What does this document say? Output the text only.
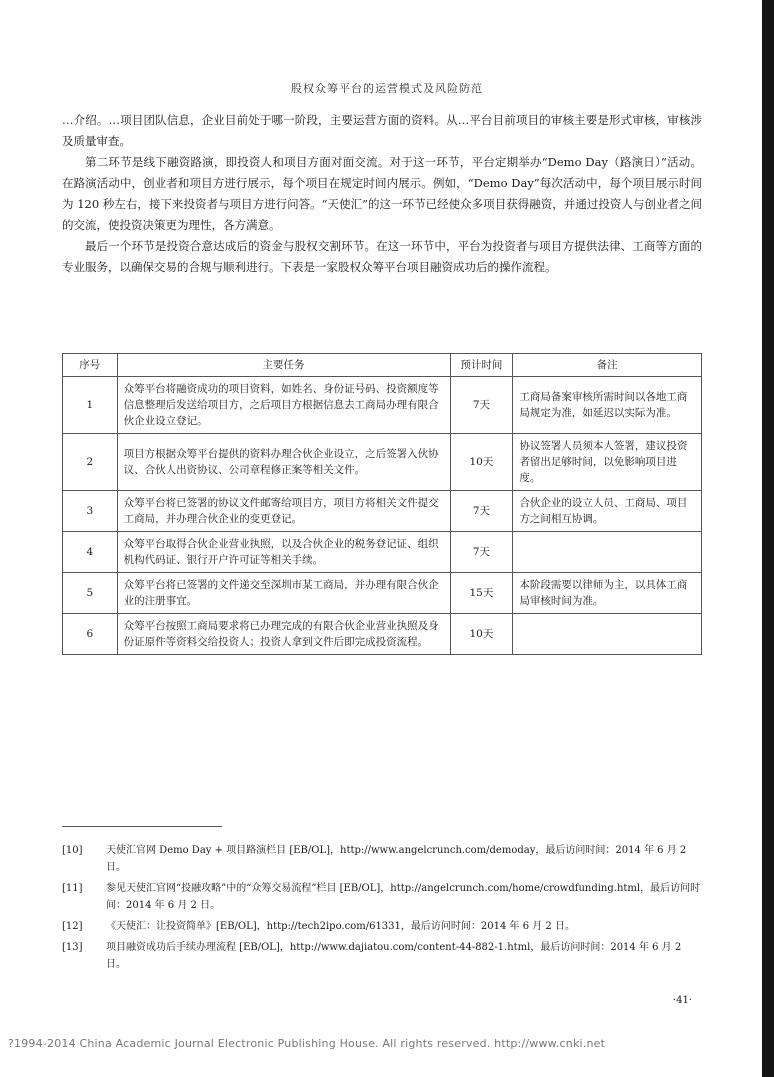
股权众筹平台的运营模式及风险防范

…介绍。…项目团队信息，企业目前处于哪一阶段，主要运营方面的资料。从…平台目前项目的审核主要是形式审核，审核涉及质量审查。

第二环节是线下融资路演，即投资人和项目方面对面交流。对于这一环节，平台定期举办“Demo Day（路演日）”活动。在路演活动中，创业者和项目方进行展示，每个项目在规定时间内展示。例如，“Demo Day”每次活动中，每个项目展示时间为 120 秒左右，接下来投资者与项目方进行问答。“天使汇”的这一环节已经使众多项目获得融资，并通过投资人与创业者之间的交流，使投资决策更为理性，各方满意。

最后一个环节是投资合意达成后的资金与股权交割环节。在这一环节中，平台为投资者与项目方提供法律、工商等方面的专业服务，以确保交易的合规与顺利进行。下表是一家股权众筹平台项目融资成功后的操作流程。

序号	主要任务	预计时间	备注
1	众筹平台将融资成功的项目资料，如姓名、身份证号码、投资额度等信息整理后发送给项目方，之后项目方根据信息去工商局办理有限合伙企业设立登记。	7天	工商局备案审核所需时间以各地工商局规定为准，如延迟以实际为准。
2	项目方根据众筹平台提供的资料办理合伙企业设立，之后签署入伙协议、合伙人出资协议、公司章程修正案等相关文件。	10天	协议签署人员须本人签署，建议投资者留出足够时间，以免影响项目进度。
3	众筹平台将已签署的协议文件邮寄给项目方，项目方将相关文件提交工商局，并办理合伙企业的变更登记。	7天	合伙企业的设立人员、工商局、项目方之间相互协调。
4	众筹平台取得合伙企业营业执照，以及合伙企业的税务登记证、组织机构代码证、银行开户许可证等相关手续。	7天	
5	众筹平台将已签署的文件递交至深圳市某工商局，并办理有限合伙企业的注册事宜。	15天	本阶段需要以律师为主，以具体工商局审核时间为准。
6	众筹平台按照工商局要求将已办理完成的有限合伙企业营业执照及身份证原件等资料交给投资人；投资人拿到文件后即完成投资流程。	10天	
[10]	天使汇官网 Demo Day + 项目路演栏目 [EB/OL]，http://www.angelcrunch.com/demoday，最后访问时间：2014 年 6 月 2 日。
[11]	参见天使汇官网“投融攻略”中的“众筹交易流程”栏目 [EB/OL]，http://angelcrunch.com/home/crowdfunding.html，最后访问时间：2014 年 6 月 2 日。
[12]	《天使汇：让投资简单》[EB/OL]，http://tech2ipo.com/61331，最后访问时间：2014 年 6 月 2 日。
[13]	项目融资成功后手续办理流程 [EB/OL]，http://www.dajiatou.com/content-44-882-1.html，最后访问时间：2014 年 6 月 2 日。
·41·
?1994-2014 China Academic Journal Electronic Publishing House. All rights reserved. http://www.cnki.net
